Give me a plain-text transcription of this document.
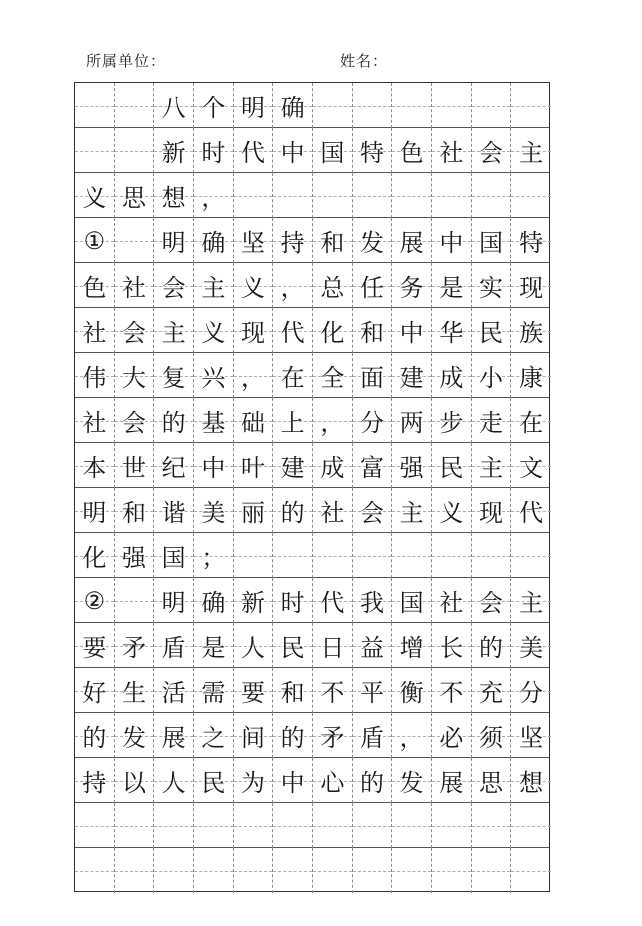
所属单位：	姓名：
八 个 明 确
新 时 代 中 国 特 色 社 会 主
义 思 想 ，
① 明 确 坚 持 和 发 展 中 国 特
色 社 会 主 义 ， 总 任 务 是 实 现
社 会 主 义 现 代 化 和 中 华 民 族
伟 大 复 兴 ， 在 全 面 建 成 小 康
社 会 的 基 础 上 ， 分 两 步 走 在
本 世 纪 中 叶 建 成 富 强 民 主 文
明 和 谐 美 丽 的 社 会 主 义 现 代
化 强 国 ；
② 明 确 新 时 代 我 国 社 会 主
要 矛 盾 是 人 民 日 益 增 长 的 美
好 生 活 需 要 和 不 平 衡 不 充 分
的 发 展 之 间 的 矛 盾 ， 必 须 坚
持 以 人 民 为 中 心 的 发 展 思 想
